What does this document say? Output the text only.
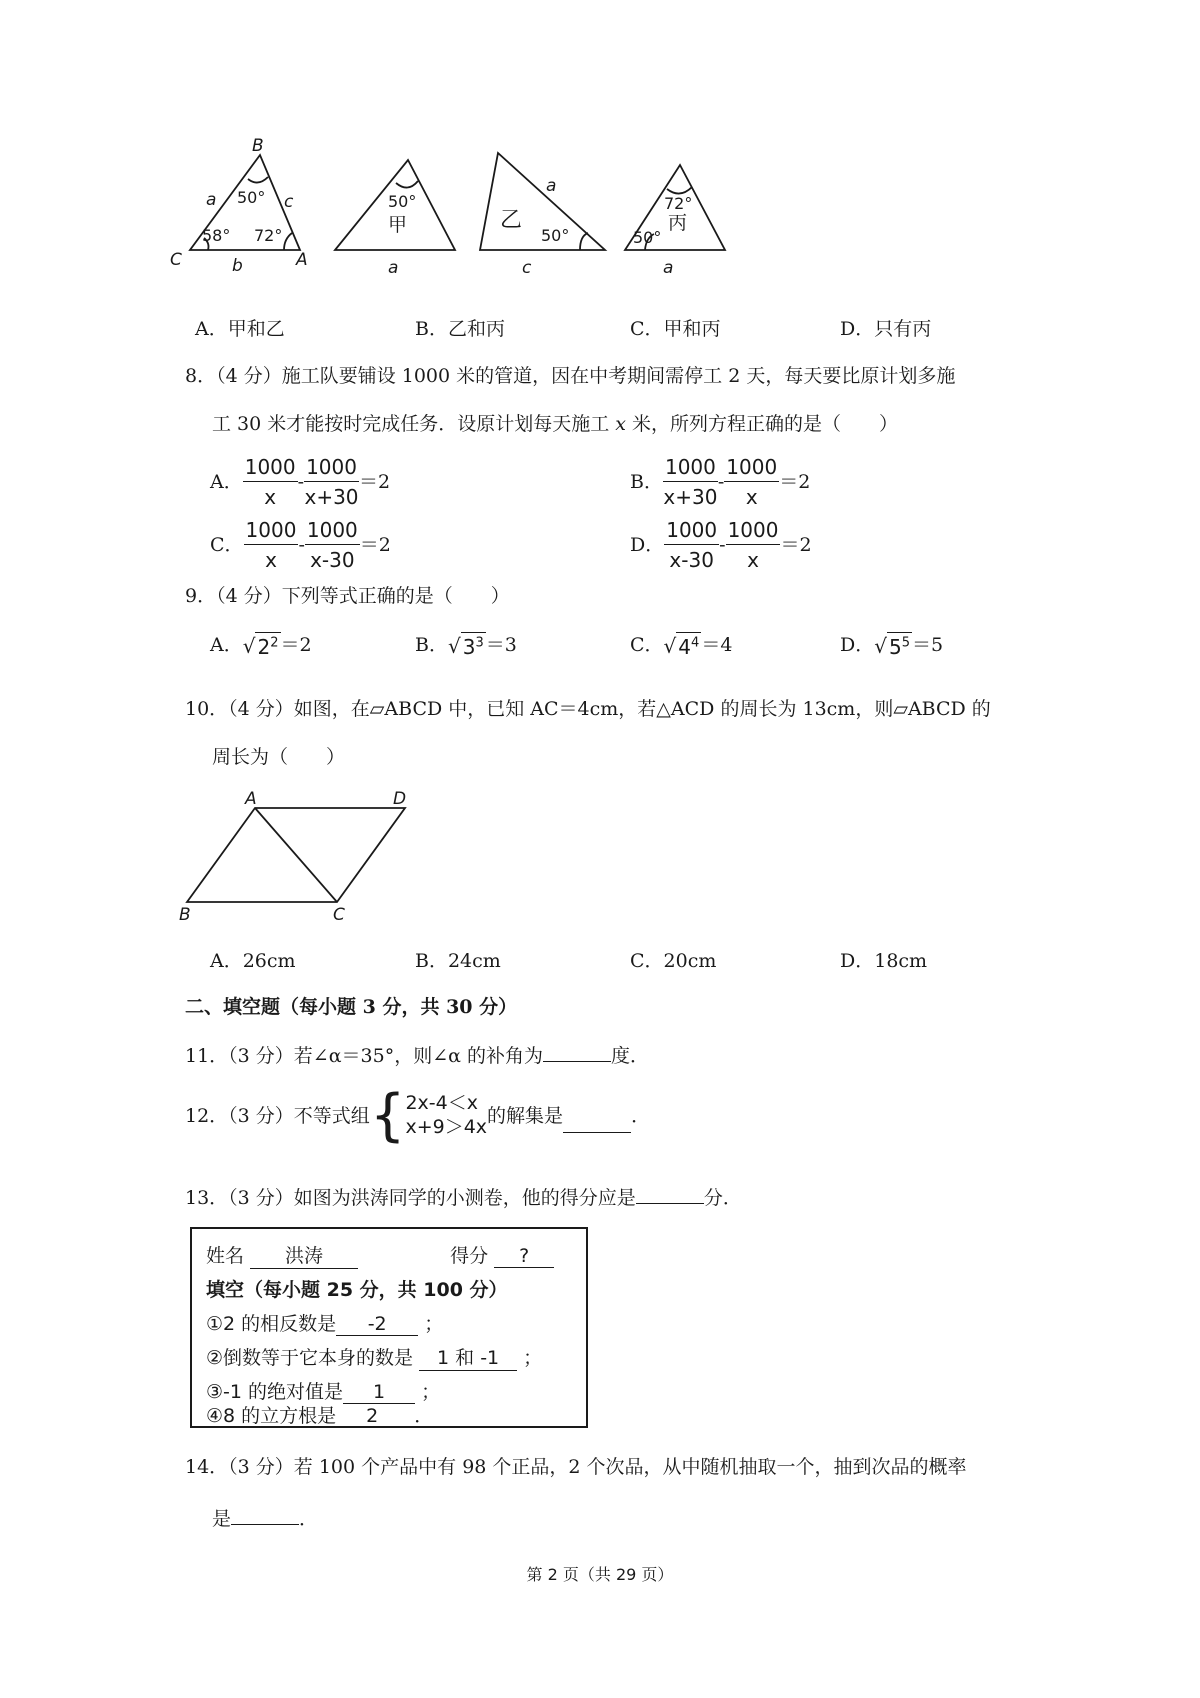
B
C	A
a	c
b	a
a
c	a
50°
58° 72°
50°
甲	乙
50°
72°
丙
50°
A．甲和乙	B．乙和丙	C．甲和丙	D．只有丙
8．（4 分）施工队要铺设 1000 米的管道，因在中考期间需停工 2 天，每天要比原计划多施
工 30 米才能按时完成任务．设原计划每天施工 x 米，所列方程正确的是（　　）
A． $\frac{1000}{x} - \frac{1000}{x+30} =2$	B． $\frac{1000}{x+30} - \frac{1000}{x} =2$
C． $\frac{1000}{x} - \frac{1000}{x-30} =2$	D． $\frac{1000}{x-30} - \frac{1000}{x} =2$
9．（4 分）下列等式正确的是（　　）
A． √ $2^2 =2$	B． √ $3^3 =3$	C． √ $4^4 =4$	D． √ $5^5 =5$
10．（4 分）如图，在▱ABCD 中，已知 AC＝4cm，若△ACD 的周长为 13cm，则▱ABCD 的
周长为（　　）
A	D
B	C
A．26cm	B．24cm	C．20cm	D．18cm
二、填空题（每小题 3 分，共 30 分）
11．（3 分）若∠α＝35°，则∠α 的补角为	度．
12．（3 分）不等式组 { 2x-4＜x
x+9＞4x
的解集是	．
13．（3 分）如图为洪涛同学的小测卷，他的得分应是	分．
姓名 洪涛	得分 ?
填空（每小题 25 分，共 100 分）
①2 的相反数是 -2 ；
②倒数等于它本身的数是 1 和 -1 ；
③-1 的绝对值是 1 ；
④8 的立方根是 2 ．
14．（3 分）若 100 个产品中有 98 个正品，2 个次品，从中随机抽取一个，抽到次品的概率
是	．
第 2 页（共 29 页）
